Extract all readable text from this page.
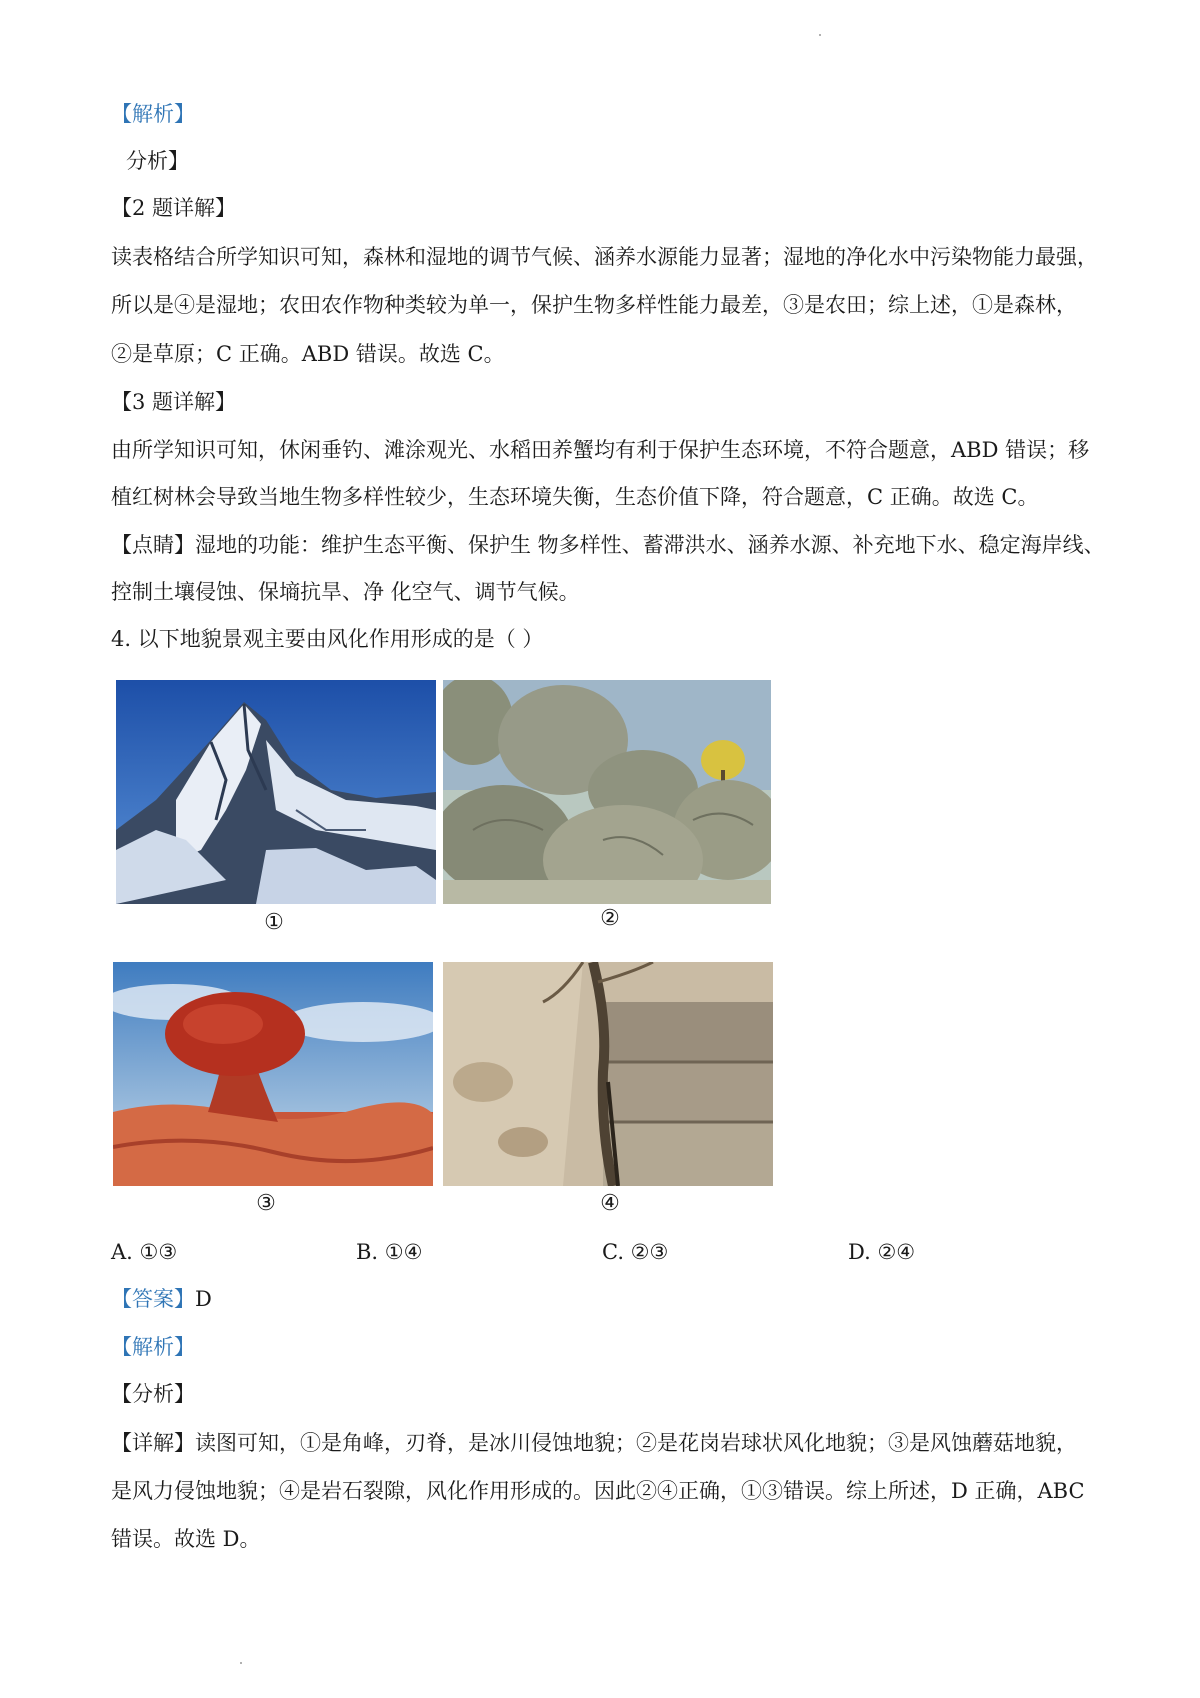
【解析】
分析】
【2 题详解】
读表格结合所学知识可知，森林和湿地的调节气候、涵养水源能力显著；湿地的净化水中污染物能力最强，
所以是④是湿地；农田农作物种类较为单一，保护生物多样性能力最差，③是农田；综上述，①是森林，
②是草原；C 正确。ABD 错误。故选 C。
【3 题详解】
由所学知识可知，休闲垂钓、滩涂观光、水稻田养蟹均有利于保护生态环境，不符合题意，ABD 错误；移
植红树林会导致当地生物多样性较少，生态环境失衡，生态价值下降，符合题意，C 正确。故选 C。
【点睛】湿地的功能：维护生态平衡、保护生 物多样性、蓄滞洪水、涵养水源、补充地下水、稳定海岸线、
控制土壤侵蚀、保墒抗旱、净 化空气、调节气候。
4. 以下地貌景观主要由风化作用形成的是（ ）
①	②
③	④
A. ①③	B. ①④	C. ②③	D. ②④
【答案】D
【解析】
【分析】
【详解】读图可知，①是角峰，刃脊，是冰川侵蚀地貌；②是花岗岩球状风化地貌；③是风蚀蘑菇地貌，
是风力侵蚀地貌；④是岩石裂隙，风化作用形成的。因此②④正确，①③错误。综上所述，D 正确，ABC
错误。故选 D。
